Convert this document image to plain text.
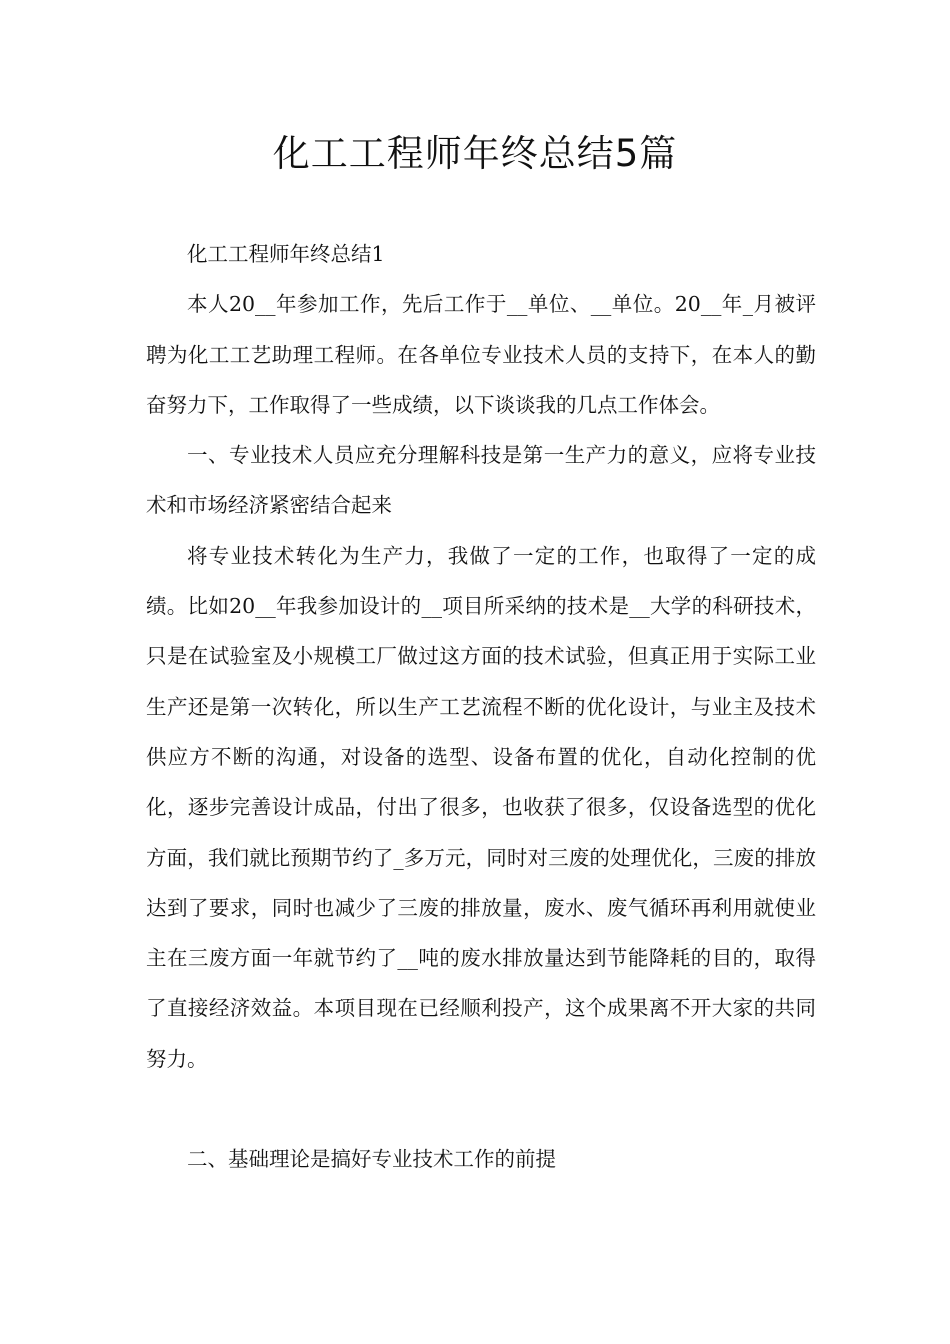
化工工程师年终总结5篇

化工工程师年终总结1

本人20__年参加工作，先后工作于__单位、__单位。20__年_月被评聘为化工工艺助理工程师。在各单位专业技术人员的支持下，在本人的勤奋努力下，工作取得了一些成绩，以下谈谈我的几点工作体会。

一、专业技术人员应充分理解科技是第一生产力的意义，应将专业技术和市场经济紧密结合起来

将专业技术转化为生产力，我做了一定的工作，也取得了一定的成绩。比如20__年我参加设计的__项目所采纳的技术是__大学的科研技术，只是在试验室及小规模工厂做过这方面的技术试验，但真正用于实际工业生产还是第一次转化，所以生产工艺流程不断的优化设计，与业主及技术供应方不断的沟通，对设备的选型、设备布置的优化，自动化控制的优化，逐步完善设计成品，付出了很多，也收获了很多，仅设备选型的优化方面，我们就比预期节约了_多万元，同时对三废的处理优化，三废的排放达到了要求，同时也减少了三废的排放量，废水、废气循环再利用就使业主在三废方面一年就节约了__吨的废水排放量达到节能降耗的目的，取得了直接经济效益。本项目现在已经顺利投产，这个成果离不开大家的共同努力。

二、基础理论是搞好专业技术工作的前提
